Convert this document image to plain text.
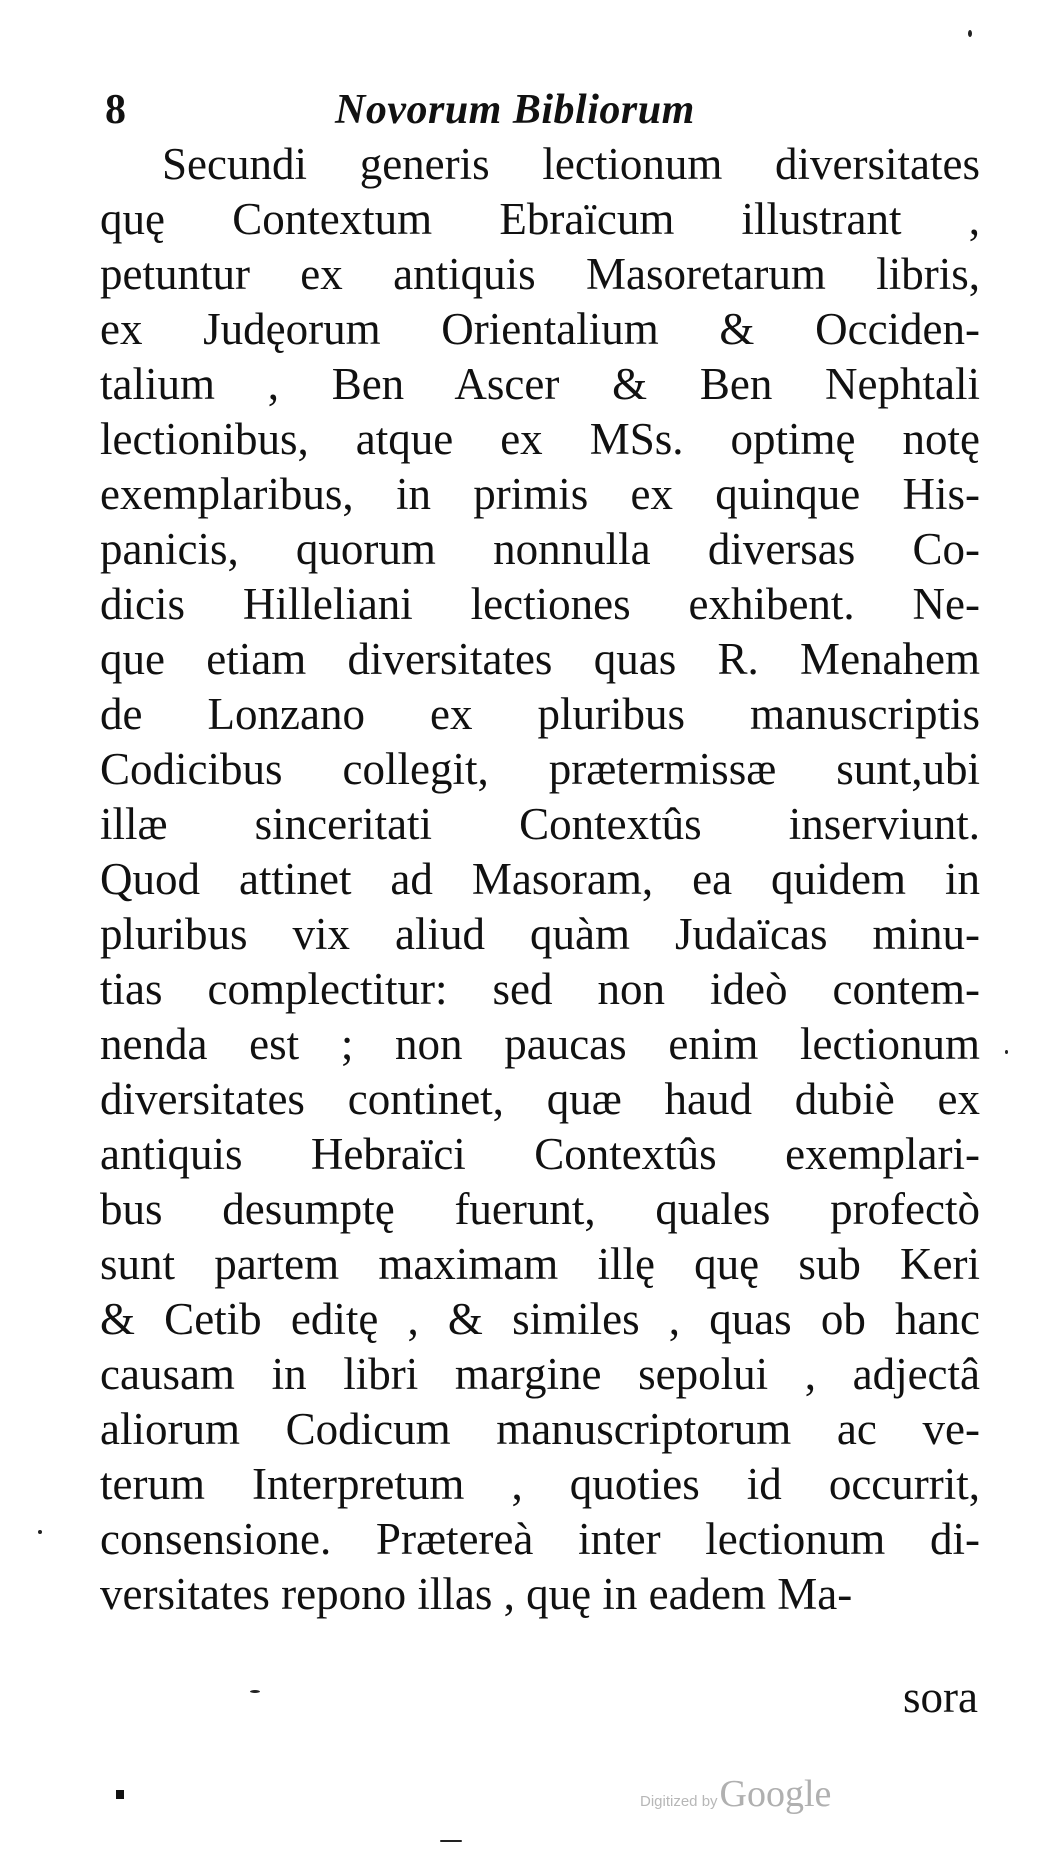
8	Novorum Bibliorum
Secundi generis lectionum diversitates
quę Contextum Ebraïcum illustrant ,
petuntur ex antiquis Masoretarum libris,
ex Judęorum Orientalium & Occiden-
talium , Ben Ascer & Ben Nephtali
lectionibus, atque ex MSs. optimę notę
exemplaribus, in primis ex quinque His-
panicis, quorum nonnulla diversas Co-
dicis Hilleliani lectiones exhibent. Ne-
que etiam diversitates quas R. Menahem
de Lonzano ex pluribus manuscriptis
Codicibus collegit, prætermissæ sunt,ubi
illæ sinceritati Contextûs inserviunt.
Quod attinet ad Masoram, ea quidem in
pluribus vix aliud quàm Judaïcas minu-
tias complectitur: sed non ideò contem-
nenda est ; non paucas enim lectionum
diversitates continet, quæ haud dubiè ex
antiquis Hebraïci Contextûs exemplari-
bus desumptę fuerunt, quales profectò
sunt partem maximam illę quę sub Keri
& Cetib editę , & similes , quas ob hanc
causam in libri margine sepolui , adjectâ
aliorum Codicum manuscriptorum ac ve-
terum Interpretum , quoties id occurrit,
consensione. Prætereà inter lectionum di-
versitates repono illas , quę in eadem Ma-
sora
Digitized by Google
